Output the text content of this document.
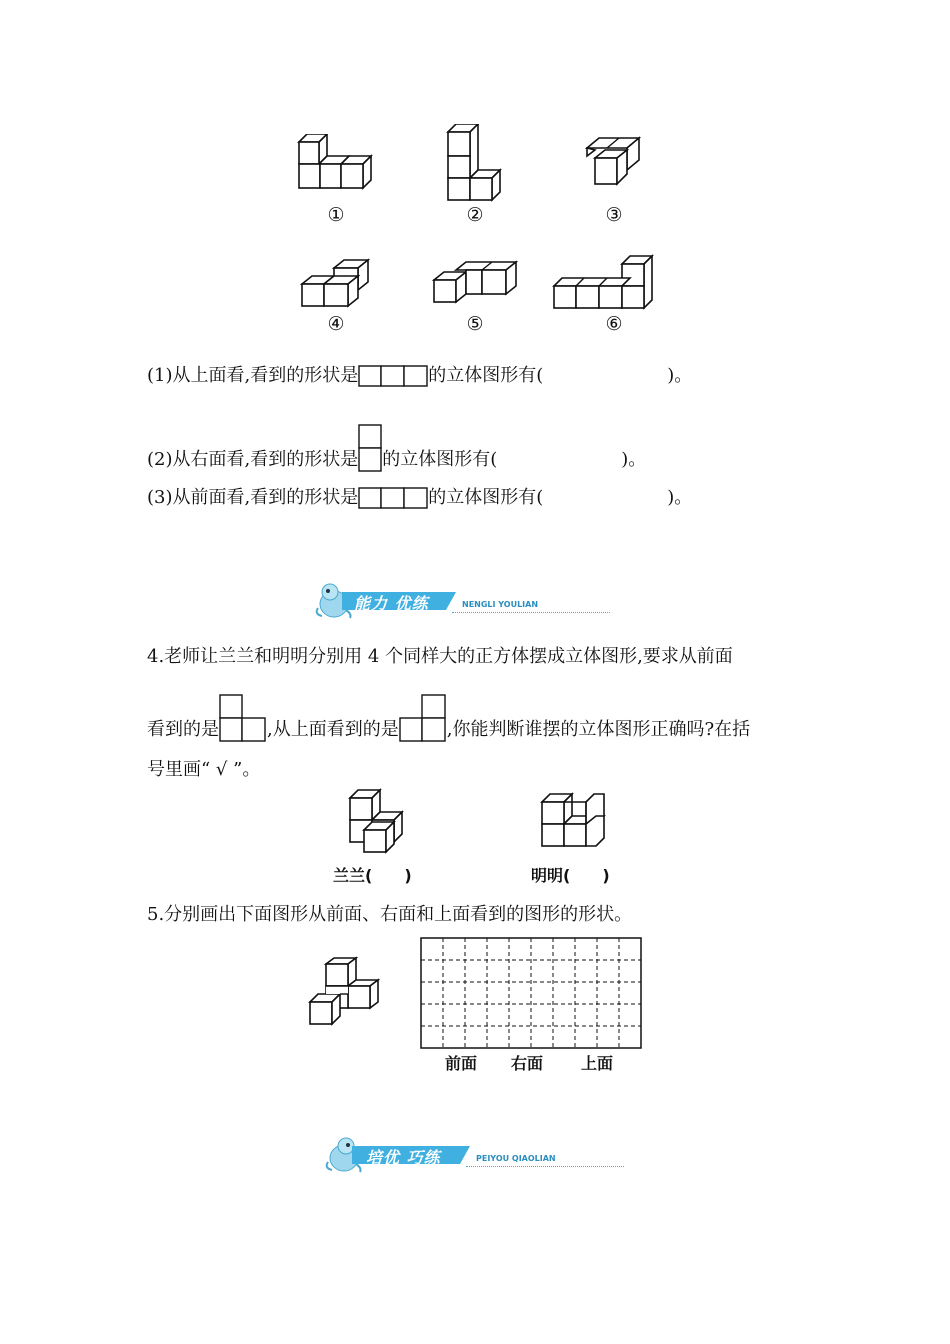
①	②	③
④	⑤	⑥
(1)从上面看,看到的形状是	的立体图形有(	)。
(2)从右面看,看到的形状是 的立体图形有(	)。
(3)从前面看,看到的形状是	的立体图形有(	)。
能力 优练	NENGLI YOULIAN
4.老师让兰兰和明明分别用 4 个同样大的正方体摆成立体图形,要求从前面
看到的是	,从上面看到的是	,你能判断谁摆的立体图形正确吗?在括
号里画“ √ ”。
兰兰( )	明明( )
5.分别画出下面图形从前面、右面和上面看到的图形的形状。
前面 右面 上面
培优 巧练	PEIYOU QIAOLIAN
